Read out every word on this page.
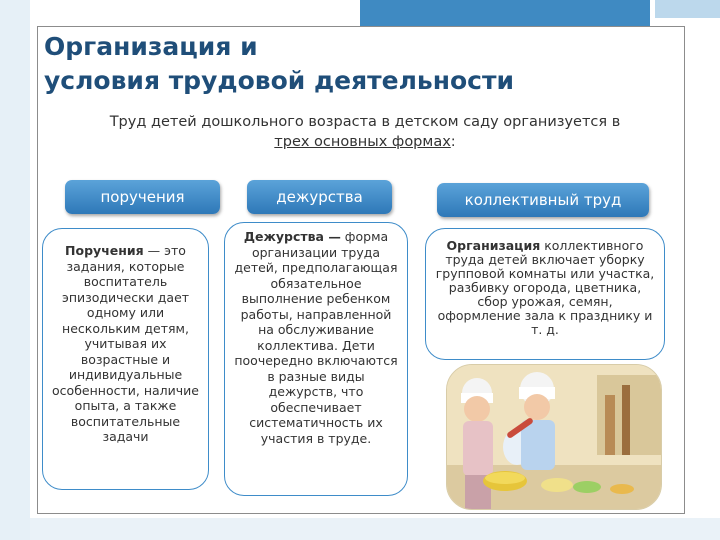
Организация и
условия трудовой деятельности

Труд детей дошкольного возраста в детском саду организуется в
трех основных формах:

поручения	дежурства	коллективный труд
Поручения — это задания, которые воспитатель эпизодически дает одному или нескольким детям, учитывая их возрастные и индивидуальные особенности, наличие опыта, а также воспитательные задачи
Дежурства — форма организации труда детей, предполагающая обязательное выполнение ребенком работы, направленной на обслуживание коллектива. Дети поочередно включаются в разные виды дежурств, что обеспечивает систематичность их участия в труде.
Организация коллективного труда детей включает уборку групповой комнаты или участка, разбивку огорода, цветника, сбор урожая, семян, оформление зала к празднику и т. д.
